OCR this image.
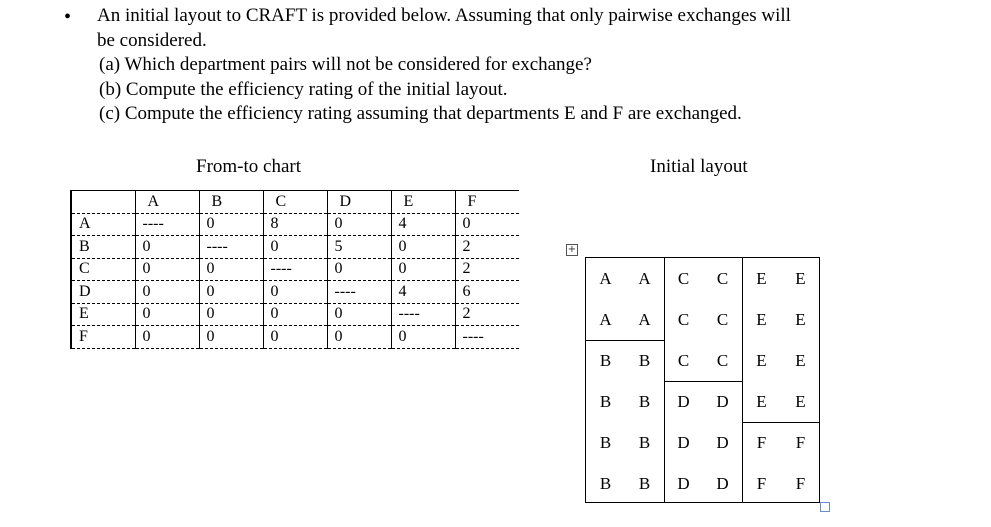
• An initial layout to CRAFT is provided below. Assuming that only pairwise exchanges will
be considered.
(a) Which department pairs will not be considered for exchange?
(b) Compute the efficiency rating of the initial layout.
(c) Compute the efficiency rating assuming that departments E and F are exchanged.
From-to chart	Initial layout
	A	B	C	D	E	F
A	----	0	8	0	4	0
B	0	----	0	5	0	2
C	0	0	----	0	0	2
D	0	0	0	----	4	6
E	0	0	0	0	----	2
F	0	0	0	0	0	----
+
A	A	C	C	E	E
A	A	C	C	E	E
B	B	C	C	E	E
B	B	D	D	E	E
B	B	D	D	F	F
B	B	D	D	F	F
